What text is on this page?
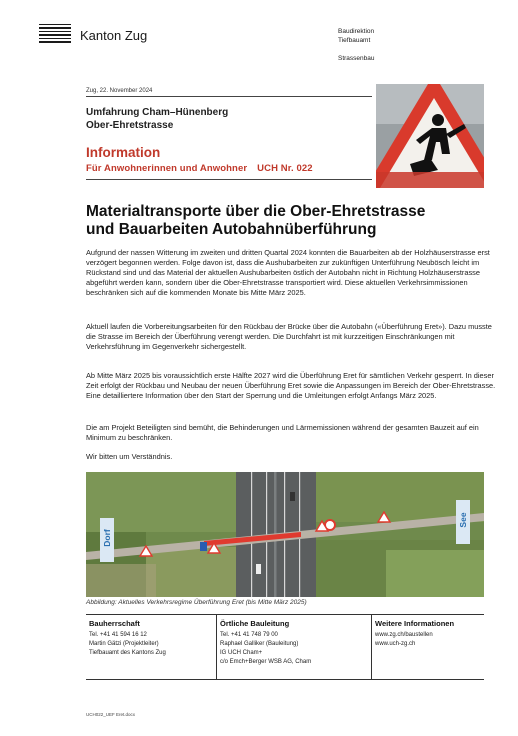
Kanton Zug	Baudirektion
Tiefbauamt
Strassenbau
Zug, 22. November 2024
Umfahrung Cham–Hünenberg
Ober-Ehretstrasse
Information
Für Anwohnerinnen und Anwohner UCH Nr. 022
Materialtransporte über die Ober-Ehretstrasse
und Bauarbeiten Autobahnüberführung

Aufgrund der nassen Witterung im zweiten und dritten Quartal 2024 konnten die Bauarbeiten ab der Holzhäuserstrasse erst verzögert begonnen werden. Folge davon ist, dass die Aushubarbeiten zur zukünftigen Unterführung Neubösch leicht im Rückstand sind und das Material der aktuellen Aushubarbeiten östlich der Autobahn nicht in Richtung Holzhäuserstrasse abgeführt werden kann, sondern über die Ober-Ehretstrasse transportiert wird. Diese aktuellen Verkehrsimmissionen beschränken sich auf die kommenden Monate bis Mitte März 2025.

Aktuell laufen die Vorbereitungsarbeiten für den Rückbau der Brücke über die Autobahn («Überführung Eret»). Dazu musste die Strasse im Bereich der Überführung verengt werden. Die Durchfahrt ist mit kurzzeitigen Einschränkungen mit Verkehrsführung im Gegenverkehr sichergestellt.

Ab Mitte März 2025 bis voraussichtlich erste Hälfte 2027 wird die Überführung Eret für sämtlichen Verkehr gesperrt. In dieser Zeit erfolgt der Rückbau und Neubau der neuen Überführung Eret sowie die Anpassungen im Bereich der Ober-Ehretstrasse. Eine detailliertere Information über den Start der Sperrung und die Umleitungen erfolgt Anfangs März 2025.

Die am Projekt Beteiligten sind bemüht, die Behinderungen und Lärmemissionen während der gesamten Bauzeit auf ein Minimum zu beschränken.

Wir bitten um Verständnis.

Dorf
See
Abbildung: Aktuelles Verkehrsregime Überführung Eret (bis Mitte März 2025)
Bauherrschaft
Tel. +41 41 594 16 12
Martin Gätzi (Projektleiter)
Tiefbauamt des Kantons Zug
Örtliche Bauleitung
Tel. +41 41 748 79 00
Raphael Galliker (Bauleitung)
IG UCH Cham+
c/o Emch+Berger WSB AG, Cham
Weitere Informationen
www.zg.ch/baustellen
www.uch-zg.ch
UCH022_UEF Eret.docx
